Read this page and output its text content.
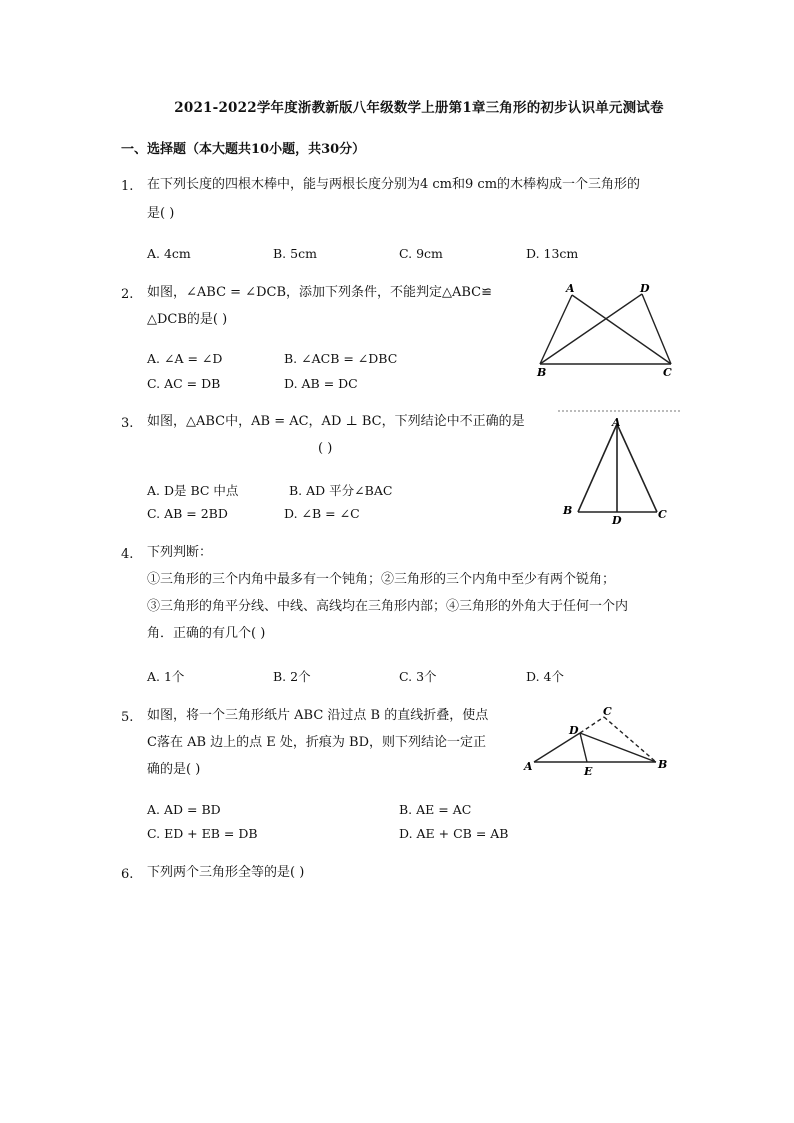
2021-2022学年度浙教新版八年级数学上册第1章三角形的初步认识单元测试卷
一、选择题（本大题共10小题，共30分）
1. 在下列长度的四根木棒中，能与两根长度分别为4 cm和9 cm的木棒构成一个三角形的
是( )
A. 4cm	B. 5cm	C. 9cm	D. 13cm
2. 如图，∠ABC = ∠DCB，添加下列条件，不能判定△ABC≌
△DCB的是( )
A. ∠A = ∠D	B. ∠ACB = ∠DBC
C. AC = DB	D. AB = DC
A	D
B	C
3. 如图，△ABC中，AB = AC，AD ⊥ BC，下列结论中不正确的是
( )
A. D是 BC 中点	B. AD 平分∠BAC
C. AB = 2BD	D. ∠B = ∠C
A
B
D	C
4. 下列判断：
①三角形的三个内角中最多有一个钝角；②三角形的三个内角中至少有两个锐角；
③三角形的角平分线、中线、高线均在三角形内部；④三角形的外角大于任何一个内
角．正确的有几个( )
A. 1个	B. 2个	C. 3个	D. 4个
5. 如图，将一个三角形纸片 ABC 沿过点 B 的直线折叠，使点
C落在 AB 边上的点 E 处，折痕为 BD，则下列结论一定正
确的是( )
A. AD = BD	B. AE = AC
C. ED + EB = DB	D. AE + CB = AB
C
D
A	E
B
6. 下列两个三角形全等的是( )
